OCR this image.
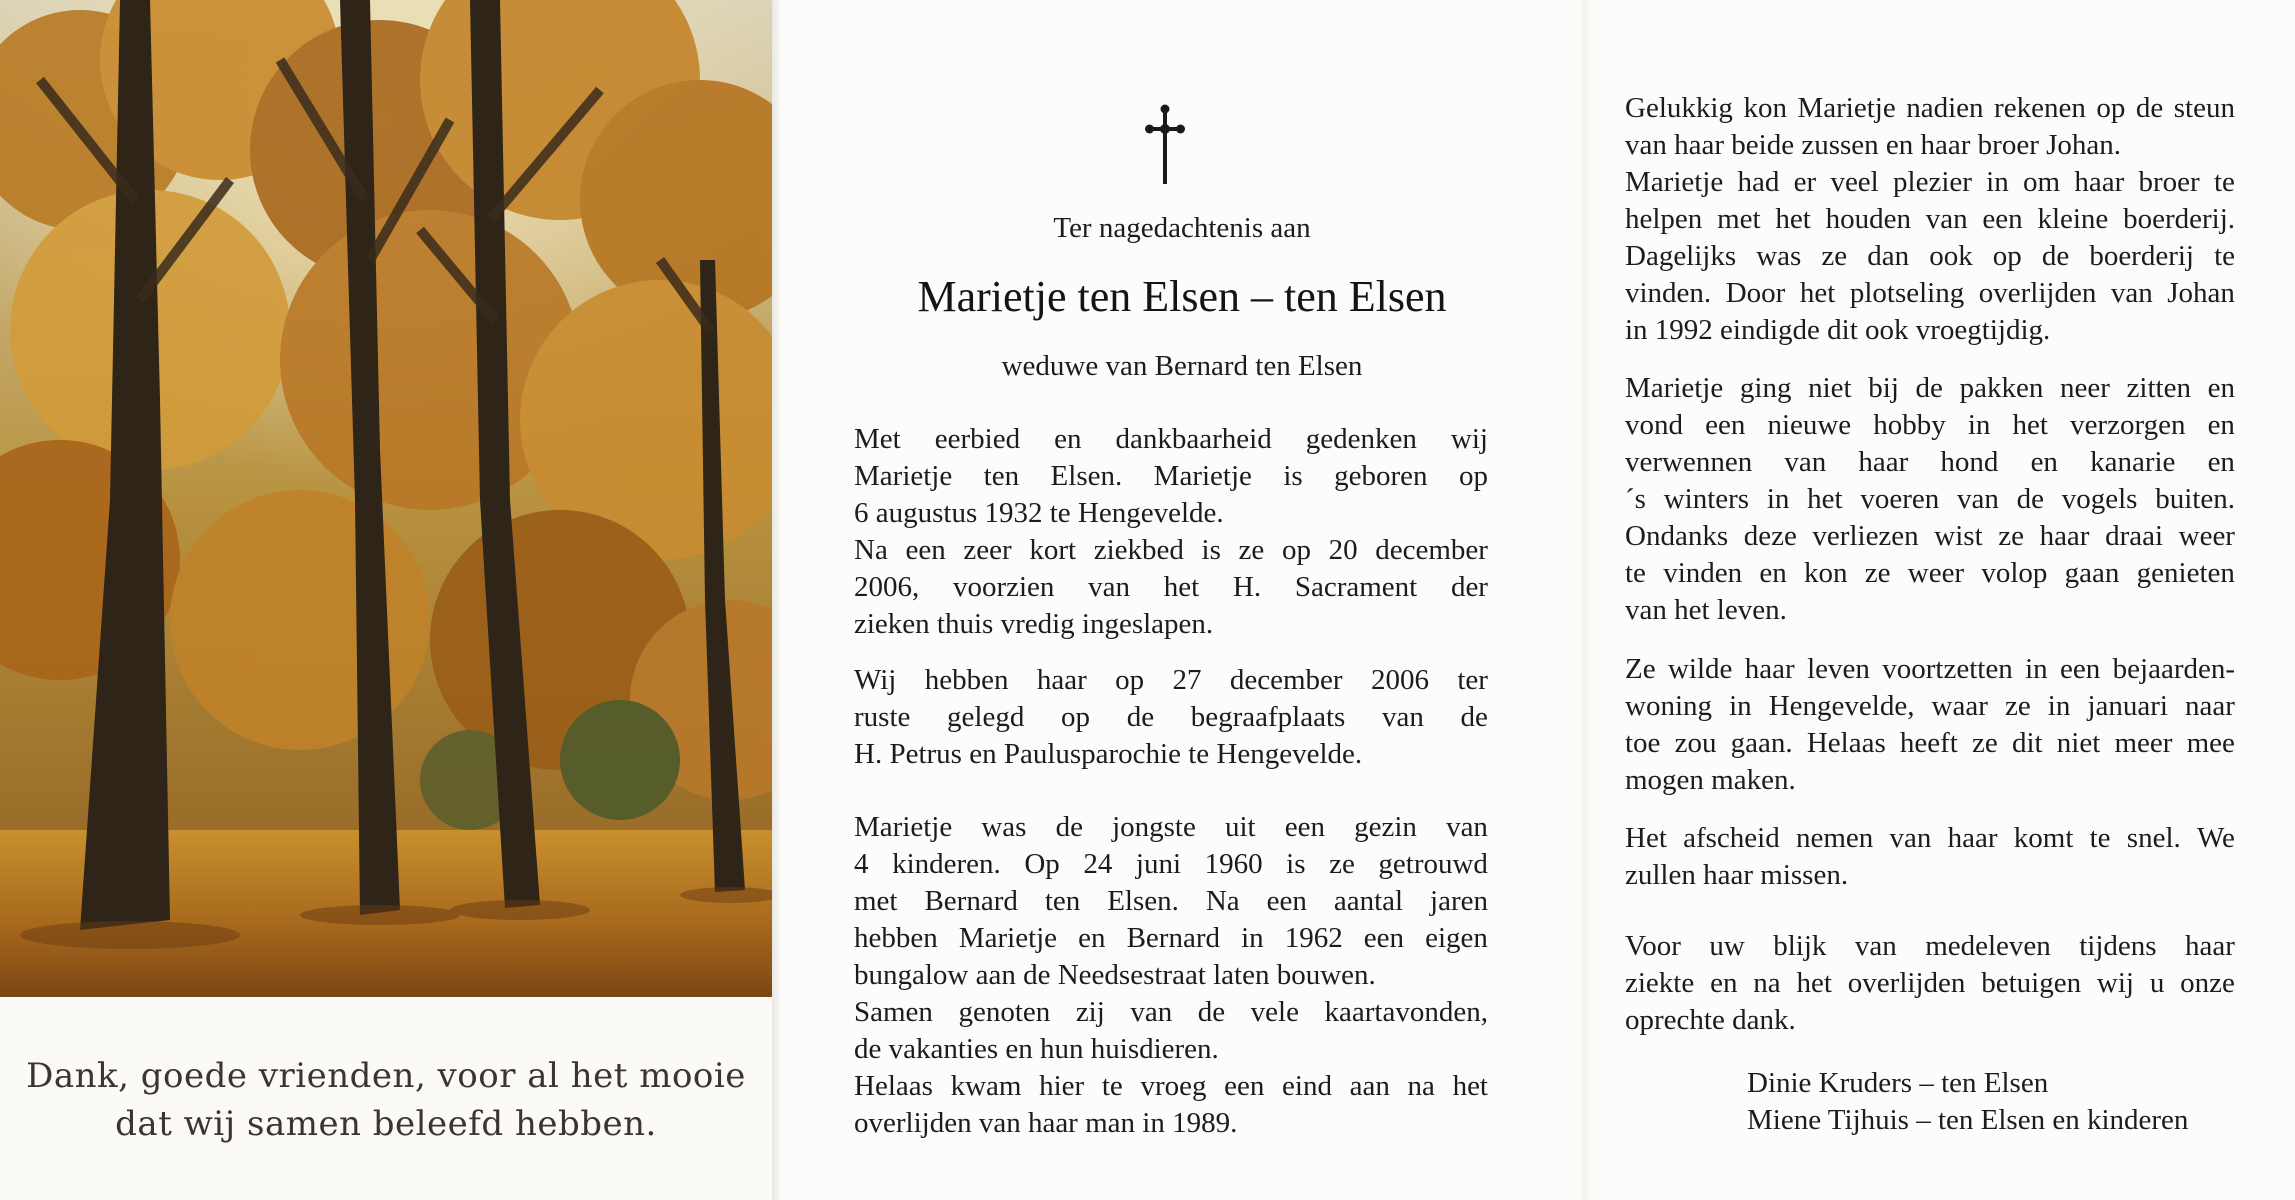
Dank, goede vrienden, voor al het mooie
dat wij samen beleefd hebben.
Ter nagedachtenis aan
Marietje ten Elsen – ten Elsen
weduwe van Bernard ten Elsen
Met eerbied en dankbaarheid gedenken wij
Marietje ten Elsen. Marietje is geboren op
6 augustus 1932 te Hengevelde.
Na een zeer kort ziekbed is ze op 20 december
2006, voorzien van het H. Sacrament der
zieken thuis vredig ingeslapen.
Wij hebben haar op 27 december 2006 ter
ruste gelegd op de begraafplaats van de
H. Petrus en Paulusparochie te Hengevelde.
Marietje was de jongste uit een gezin van
4 kinderen. Op 24 juni 1960 is ze getrouwd
met Bernard ten Elsen. Na een aantal jaren
hebben Marietje en Bernard in 1962 een eigen
bungalow aan de Needsestraat laten bouwen.
Samen genoten zij van de vele kaartavonden,
de vakanties en hun huisdieren.
Helaas kwam hier te vroeg een eind aan na het
overlijden van haar man in 1989.
Gelukkig kon Marietje nadien rekenen op de steun
van haar beide zussen en haar broer Johan.
Marietje had er veel plezier in om haar broer te
helpen met het houden van een kleine boerderij.
Dagelijks was ze dan ook op de boerderij te
vinden. Door het plotseling overlijden van Johan
in 1992 eindigde dit ook vroegtijdig.
Marietje ging niet bij de pakken neer zitten en
vond een nieuwe hobby in het verzorgen en
verwennen van haar hond en kanarie en
´s winters in het voeren van de vogels buiten.
Ondanks deze verliezen wist ze haar draai weer
te vinden en kon ze weer volop gaan genieten
van het leven.
Ze wilde haar leven voortzetten in een bejaarden-
woning in Hengevelde, waar ze in januari naar
toe zou gaan. Helaas heeft ze dit niet meer mee
mogen maken.
Het afscheid nemen van haar komt te snel. We
zullen haar missen.
Voor uw blijk van medeleven tijdens haar
ziekte en na het overlijden betuigen wij u onze
oprechte dank.
Dinie Kruders – ten Elsen
Miene Tijhuis – ten Elsen en kinderen
